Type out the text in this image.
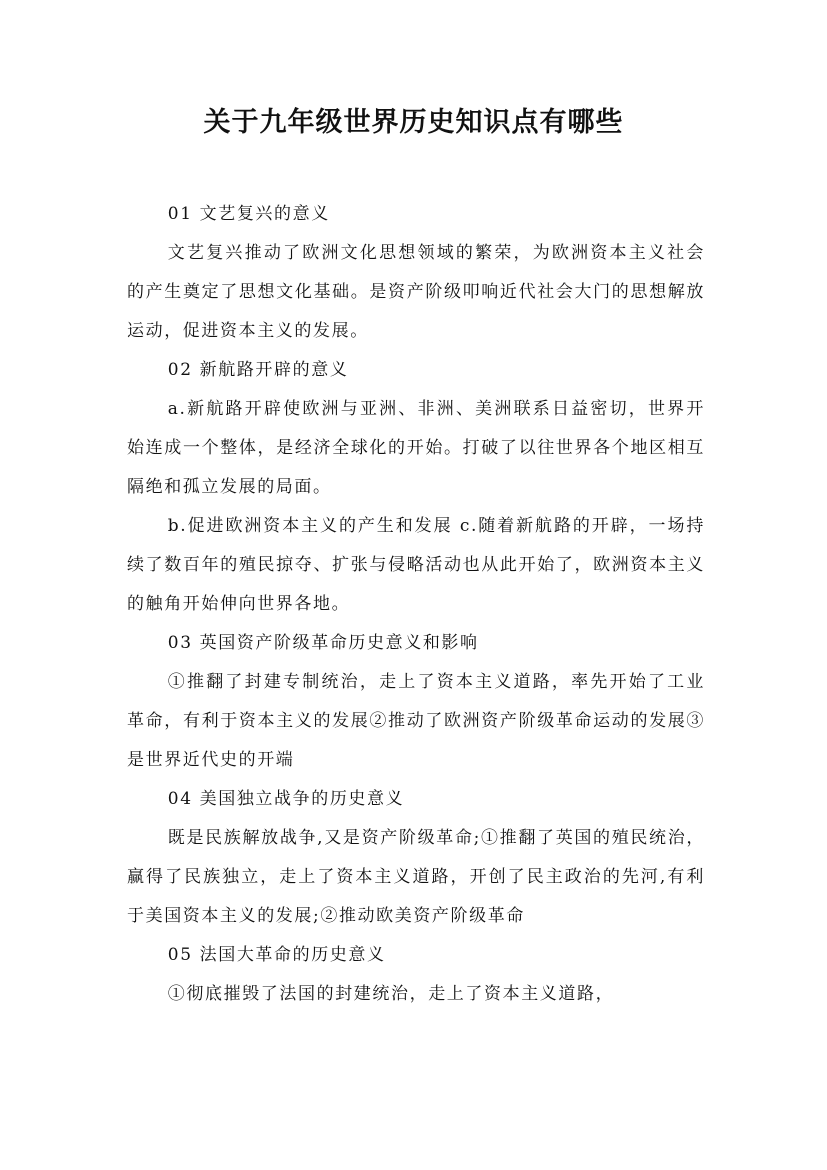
关于九年级世界历史知识点有哪些

01 文艺复兴的意义

文艺复兴推动了欧洲文化思想领域的繁荣，为欧洲资本主义社会的产生奠定了思想文化基础。是资产阶级叩响近代社会大门的思想解放运动，促进资本主义的发展。

02 新航路开辟的意义

a.新航路开辟使欧洲与亚洲、非洲、美洲联系日益密切，世界开始连成一个整体，是经济全球化的开始。打破了以往世界各个地区相互隔绝和孤立发展的局面。

b.促进欧洲资本主义的产生和发展 c.随着新航路的开辟，一场持续了数百年的殖民掠夺、扩张与侵略活动也从此开始了，欧洲资本主义的触角开始伸向世界各地。

03 英国资产阶级革命历史意义和影响

①推翻了封建专制统治，走上了资本主义道路，率先开始了工业革命，有利于资本主义的发展②推动了欧洲资产阶级革命运动的发展③是世界近代史的开端

04 美国独立战争的历史意义

既是民族解放战争,又是资产阶级革命;①推翻了英国的殖民统治，赢得了民族独立，走上了资本主义道路，开创了民主政治的先河,有利于美国资本主义的发展;②推动欧美资产阶级革命

05 法国大革命的历史意义

①彻底摧毁了法国的封建统治，走上了资本主义道路，
